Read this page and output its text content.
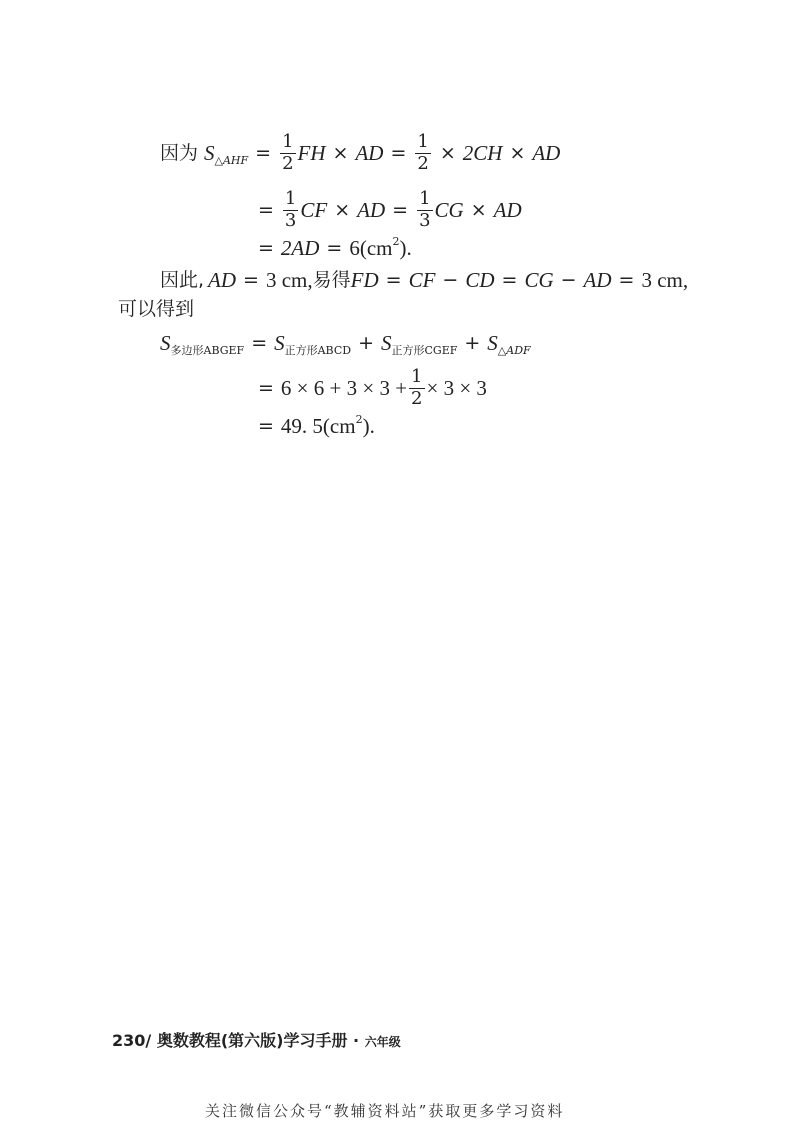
因为 S △AHF = $\frac{1}{2}$ FH × AD = $\frac{1}{2} \times 2CH$ × AD
= $\frac{1}{3}$ CF × AD = $\frac{1}{3}$ CG × AD
= 2AD = 6(cm 2 ).
因此, AD = 3 cm, 易得 FD = CF − CD = CG − AD = 3 cm,
可以得到
S 多边形ABGEF = S 正方形ABCD + S 正方形CGEF + S △ADF
= $6 \times 6 + 3 \times 3 + \frac{1}{2} \times 3 \times 3$
= 49. 5(cm 2 ).
230/ 奥数教程(第六版)学习手册 · 六年级
关注微信公众号“教辅资料站”获取更多学习资料
